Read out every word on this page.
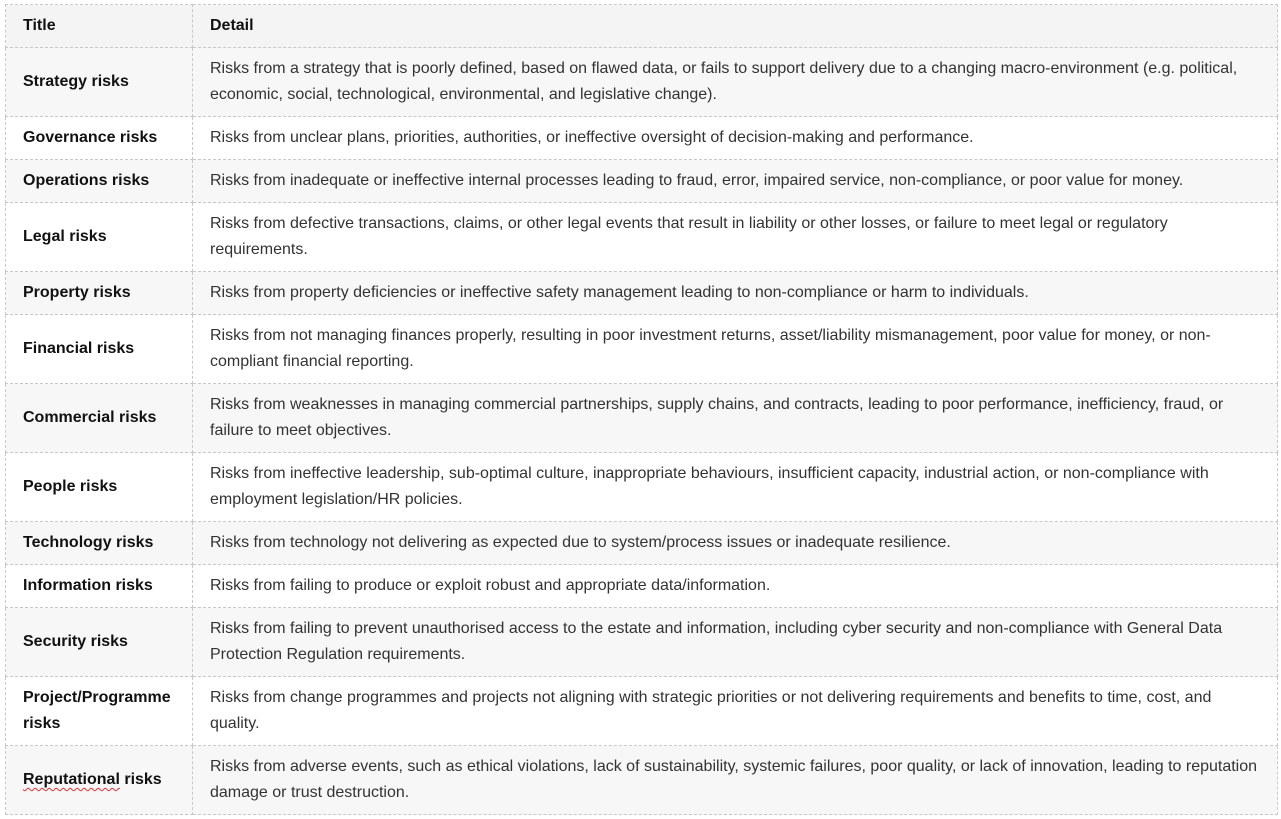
Title	Detail
Strategy risks	Risks from a strategy that is poorly defined, based on flawed data, or fails to support delivery due to a changing macro-environment (e.g. political, economic, social, technological, environmental, and legislative change).
Governance risks	Risks from unclear plans, priorities, authorities, or ineffective oversight of decision-making and performance.
Operations risks	Risks from inadequate or ineffective internal processes leading to fraud, error, impaired service, non-compliance, or poor value for money.
Legal risks	Risks from defective transactions, claims, or other legal events that result in liability or other losses, or failure to meet legal or regulatory requirements.
Property risks	Risks from property deficiencies or ineffective safety management leading to non-compliance or harm to individuals.
Financial risks	Risks from not managing finances properly, resulting in poor investment returns, asset/liability mismanagement, poor value for money, or non-compliant financial reporting.
Commercial risks	Risks from weaknesses in managing commercial partnerships, supply chains, and contracts, leading to poor performance, inefficiency, fraud, or failure to meet objectives.
People risks	Risks from ineffective leadership, sub-optimal culture, inappropriate behaviours, insufficient capacity, industrial action, or non-compliance with employment legislation/HR policies.
Technology risks	Risks from technology not delivering as expected due to system/process issues or inadequate resilience.
Information risks	Risks from failing to produce or exploit robust and appropriate data/information.
Security risks	Risks from failing to prevent unauthorised access to the estate and information, including cyber security and non-compliance with General Data Protection Regulation requirements.
Project/Programme risks	Risks from change programmes and projects not aligning with strategic priorities or not delivering requirements and benefits to time, cost, and quality.
Reputational risks	Risks from adverse events, such as ethical violations, lack of sustainability, systemic failures, poor quality, or lack of innovation, leading to reputation damage or trust destruction.
